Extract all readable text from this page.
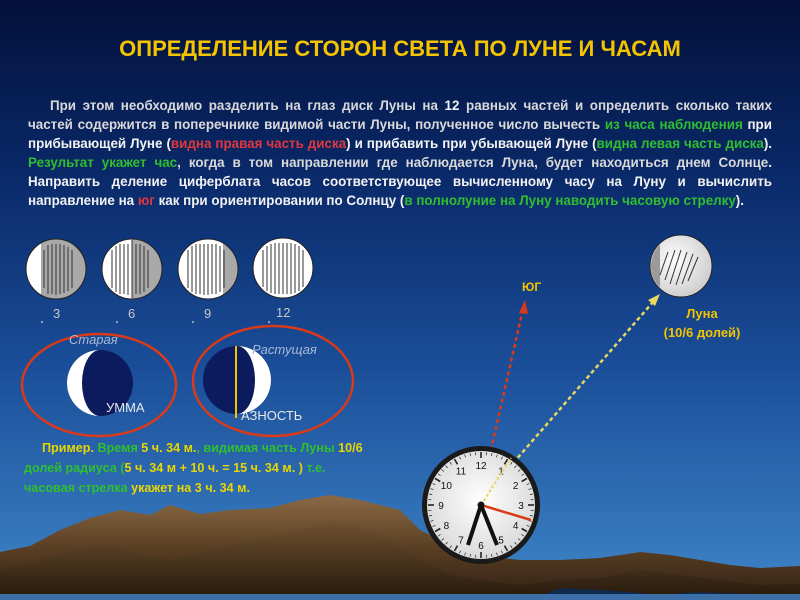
ОПРЕДЕЛЕНИЕ СТОРОН СВЕТА ПО ЛУНЕ И ЧАСАМ
При этом необходимо разделить на глаз диск Луны на 12 равных частей и определить сколько таких частей содержится в поперечнике видимой части Луны, полученное число вычесть из часа наблюдения при прибывающей Луне (видна правая часть диска) и прибавить при убывающей Луне (видна левая часть диска). Результат укажет час, когда в том направлении где наблюдается Луна, будет находиться днем Солнце. Направить деление циферблата часов соответствующее вычисленному часу на Луну и вычислить направление на юг как при ориентировании по Солнцу (в полнолуние на Луну наводить часовую стрелку).
12 1
2
3
4
5
6
7
8
9
10
11
3	6	9	12
Старая
УММА
Растущая
АЗНОСТЬ
Пример. Время 5 ч. 34 м., видимая часть Луны 10/6 долей радиуса (5 ч. 34 м + 10 ч. = 15 ч. 34 м. ) т.е. часовая стрелка укажет на 3 ч. 34 м.
ЮГ
Луна
(10/6 долей)
